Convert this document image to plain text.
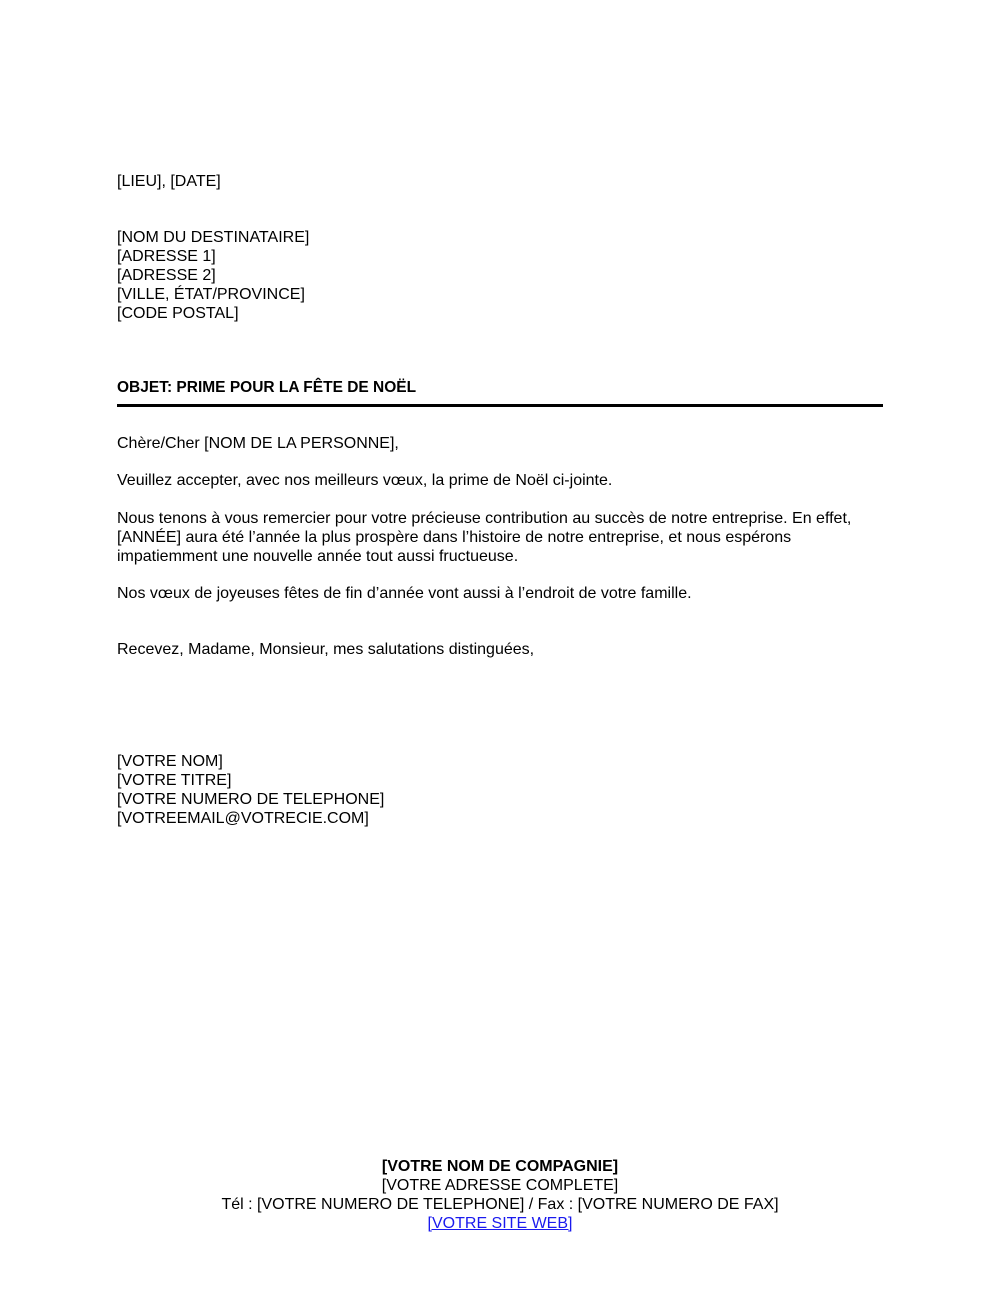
[LIEU], [DATE]
[NOM DU DESTINATAIRE]
[ADRESSE 1]
[ADRESSE 2]
[VILLE, ÉTAT/PROVINCE]
[CODE POSTAL]
OBJET: PRIME POUR LA FÊTE DE NOËL
Chère/Cher [NOM DE LA PERSONNE],
Veuillez accepter, avec nos meilleurs vœux, la prime de Noël ci-jointe.
Nous tenons à vous remercier pour votre précieuse contribution au succès de notre entreprise. En effet,
[ANNÉE] aura été l’année la plus prospère dans l’histoire de notre entreprise, et nous espérons
impatiemment une nouvelle année tout aussi fructueuse.
Nos vœux de joyeuses fêtes de fin d’année vont aussi à l’endroit de votre famille.
Recevez, Madame, Monsieur, mes salutations distinguées,
[VOTRE NOM]
[VOTRE TITRE]
[VOTRE NUMERO DE TELEPHONE]
[VOTREEMAIL@VOTRECIE.COM]
[VOTRE NOM DE COMPAGNIE]
[VOTRE ADRESSE COMPLETE]
Tél : [VOTRE NUMERO DE TELEPHONE] / Fax : [VOTRE NUMERO DE FAX]
[VOTRE SITE WEB]
